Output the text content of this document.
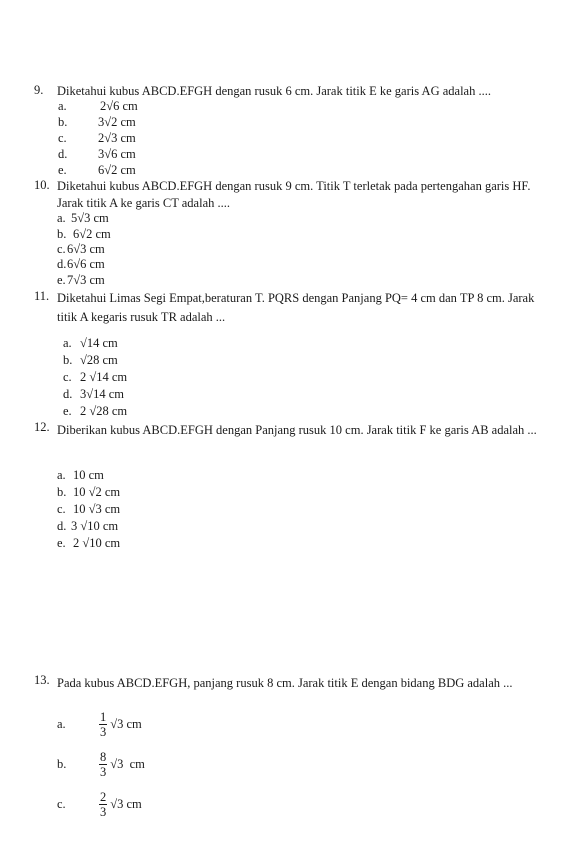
9. Diketahui kubus ABCD.EFGH dengan rusuk 6 cm. Jarak titik E ke garis AG adalah ....
a.	2√6 cm
b. 3√2 cm
c.	2√3 cm
d. 3√6 cm
e.	6√2 cm
10. Diketahui kubus ABCD.EFGH dengan rusuk 9 cm. Titik T terletak pada pertengahan garis HF. Jarak titik A ke garis CT adalah ....
a. 5√3 cm
b. 6√2 cm
c.6√3 cm
d.6√6 cm
e.7√3 cm
11. Diketahui Limas Segi Empat,beraturan T. PQRS dengan Panjang PQ= 4 cm dan TP 8 cm. Jarak titik A kegaris rusuk TR adalah ...
a. √14 cm
b. √28 cm
c. 2 √14 cm
d. 3√14 cm
e. 2 √28 cm
12. Diberikan kubus ABCD.EFGH dengan Panjang rusuk 10 cm. Jarak titik F ke garis AB adalah ...
a. 10 cm
b. 10 √2 cm
c. 10 √3 cm
d. 3 √10 cm
e. 2 √10 cm
13. Pada kubus ABCD.EFGH, panjang rusuk 8 cm. Jarak titik E dengan bidang BDG adalah ...
a.	$\frac{1}{3} √3$ cm
b.	$\frac{8}{3} √3$  cm
c.	$\frac{2}{3} √3$ cm
